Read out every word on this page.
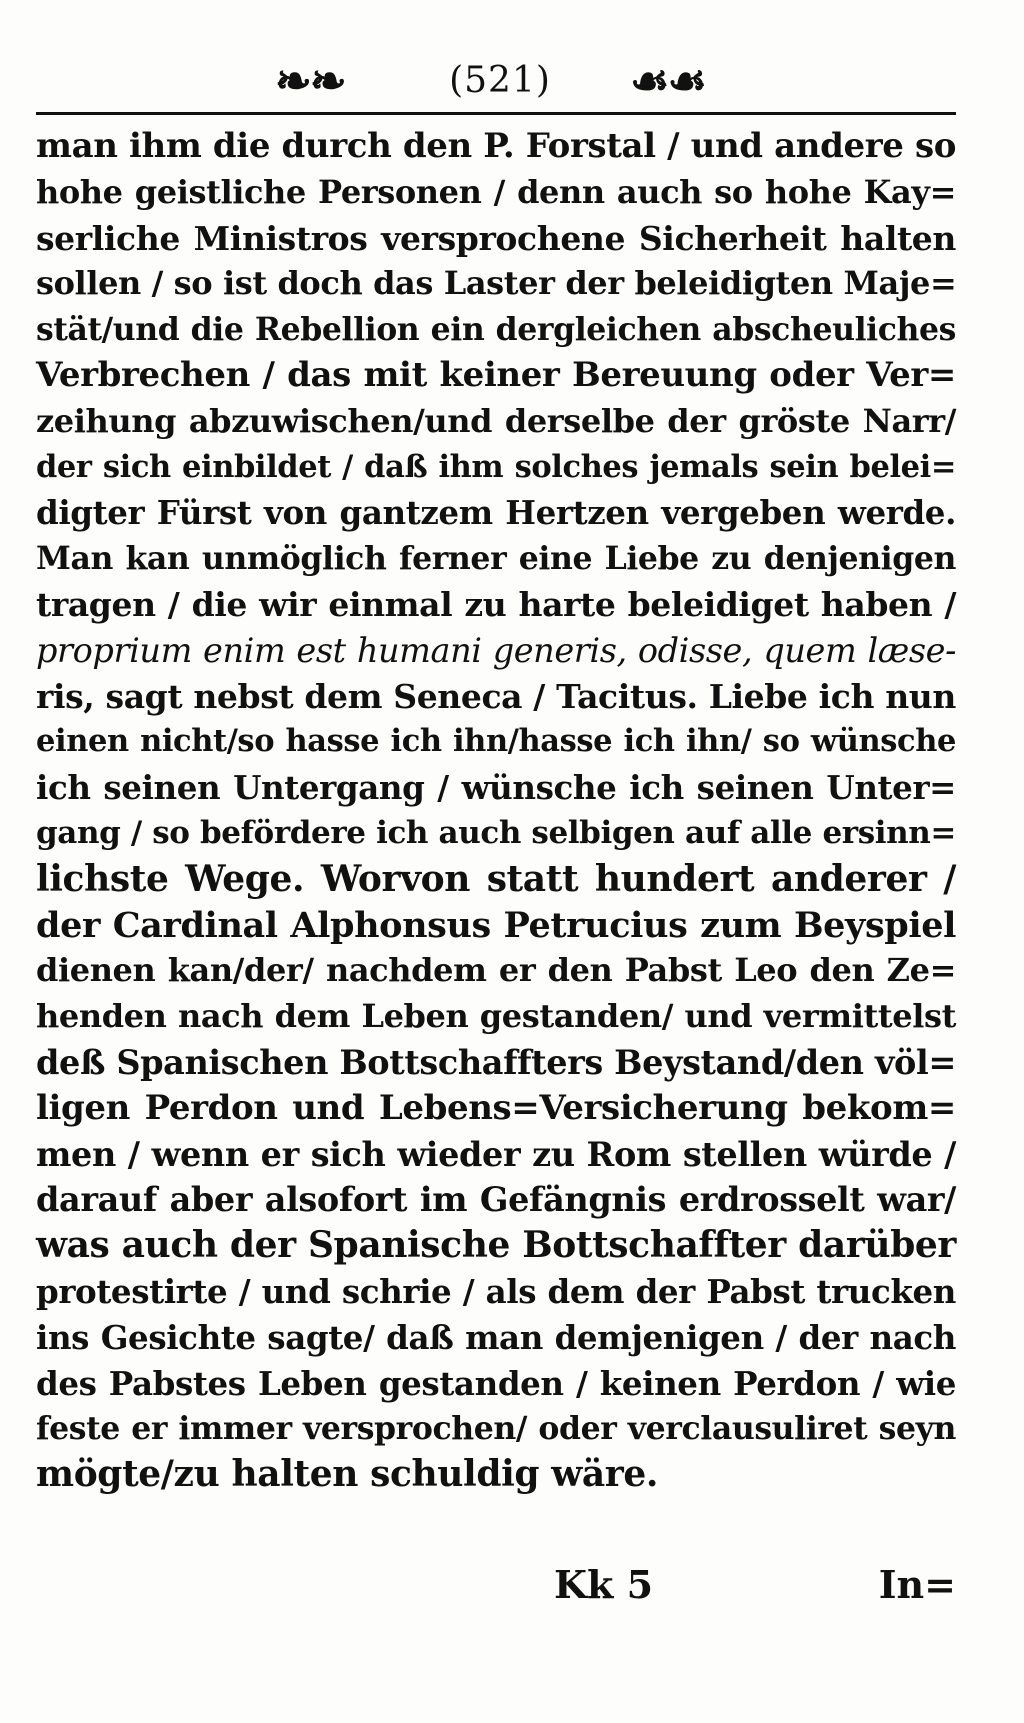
❧❧	(521)	☙☙
man ihm die durch den P. Forstal / und andere so
hohe geistliche Personen / denn auch so hohe Kay=
serliche Ministros versprochene Sicherheit halten
sollen / so ist doch das Laster der beleidigten Maje=
stät/und die Rebellion ein dergleichen abscheuliches
Verbrechen / das mit keiner Bereuung oder Ver=
zeihung abzuwischen/und derselbe der gröste Narr/
der sich einbildet / daß ihm solches jemals sein belei=
digter Fürst von gantzem Hertzen vergeben werde.
Man kan unmöglich ferner eine Liebe zu denjenigen
tragen / die wir einmal zu harte beleidiget haben /
proprium enim est humani generis, odisse, quem læse-
ris, sagt nebst dem Seneca / Tacitus. Liebe ich nun
einen nicht/so hasse ich ihn/hasse ich ihn/ so wünsche
ich seinen Untergang / wünsche ich seinen Unter=
gang / so befördere ich auch selbigen auf alle ersinn=
lichste Wege. Worvon statt hundert anderer /
der Cardinal Alphonsus Petrucius zum Beyspiel
dienen kan/der/ nachdem er den Pabst Leo den Ze=
henden nach dem Leben gestanden/ und vermittelst
deß Spanischen Bottschaffters Beystand/den völ=
ligen Perdon und Lebens=Versicherung bekom=
men / wenn er sich wieder zu Rom stellen würde /
darauf aber alsofort im Gefängnis erdrosselt war/
was auch der Spanische Bottschaffter darüber
protestirte / und schrie / als dem der Pabst trucken
ins Gesichte sagte/ daß man demjenigen / der nach
des Pabstes Leben gestanden / keinen Perdon / wie
feste er immer versprochen/ oder verclausuliret seyn
mögte/zu halten schuldig wäre.
Kk 5	In=
